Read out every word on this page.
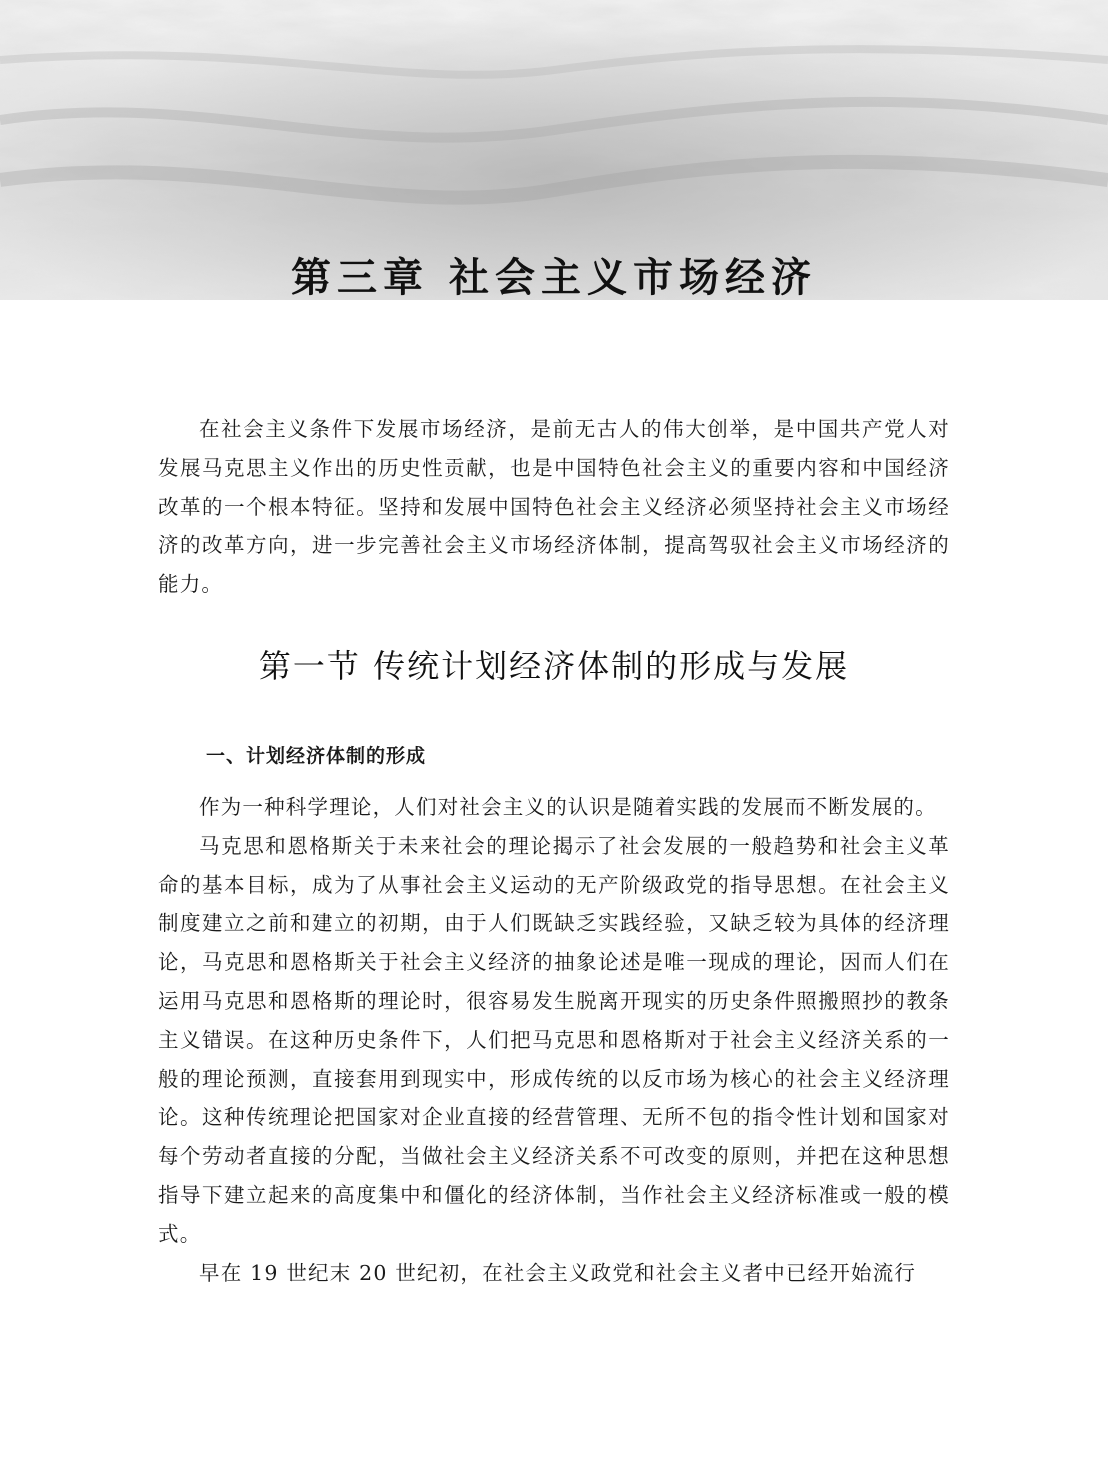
第三章 社会主义市场经济

在社会主义条件下发展市场经济，是前无古人的伟大创举，是中国共产党人对发展马克思主义作出的历史性贡献，也是中国特色社会主义的重要内容和中国经济改革的一个根本特征。坚持和发展中国特色社会主义经济必须坚持社会主义市场经济的改革方向，进一步完善社会主义市场经济体制，提高驾驭社会主义市场经济的能力。

第一节 传统计划经济体制的形成与发展
一、计划经济体制的形成

作为一种科学理论，人们对社会主义的认识是随着实践的发展而不断发展的。

马克思和恩格斯关于未来社会的理论揭示了社会发展的一般趋势和社会主义革命的基本目标，成为了从事社会主义运动的无产阶级政党的指导思想。在社会主义制度建立之前和建立的初期，由于人们既缺乏实践经验，又缺乏较为具体的经济理论，马克思和恩格斯关于社会主义经济的抽象论述是唯一现成的理论，因而人们在运用马克思和恩格斯的理论时，很容易发生脱离开现实的历史条件照搬照抄的教条主义错误。在这种历史条件下，人们把马克思和恩格斯对于社会主义经济关系的一般的理论预测，直接套用到现实中，形成传统的以反市场为核心的社会主义经济理论。这种传统理论把国家对企业直接的经营管理、无所不包的指令性计划和国家对每个劳动者直接的分配，当做社会主义经济关系不可改变的原则，并把在这种思想指导下建立起来的高度集中和僵化的经济体制，当作社会主义经济标准或一般的模式。

早在 19 世纪末 20 世纪初，在社会主义政党和社会主义者中已经开始流行
